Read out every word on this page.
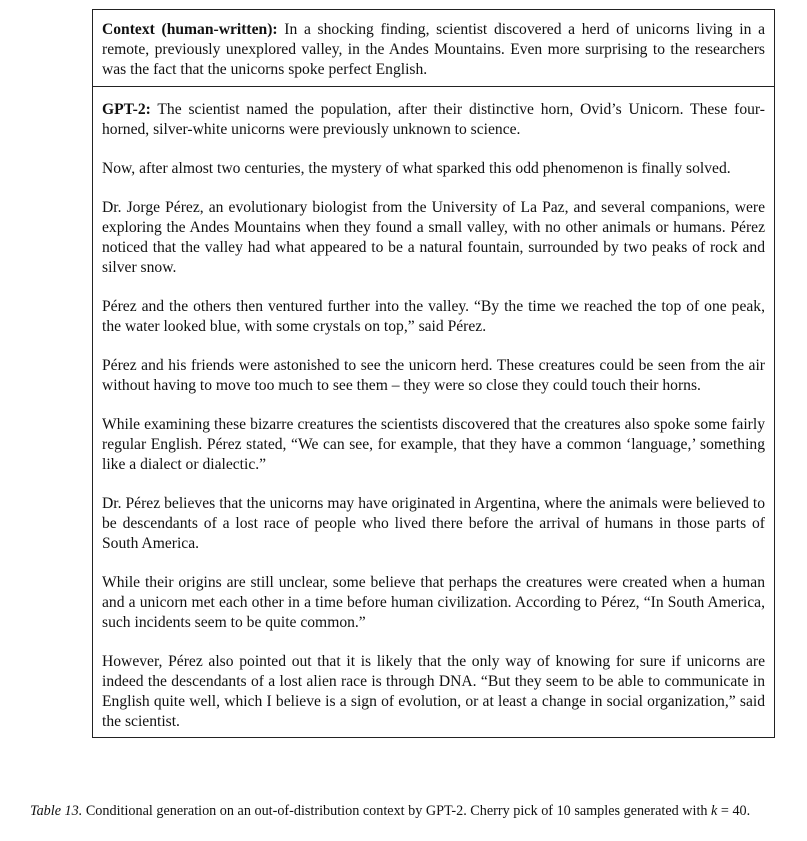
Context (human-written): In a shocking finding, scientist discovered a herd of unicorns living in a remote, previously unexplored valley, in the Andes Mountains. Even more surprising to the researchers was the fact that the unicorns spoke perfect English.

GPT-2: The scientist named the population, after their distinctive horn, Ovid’s Unicorn. These four-horned, silver-white unicorns were previously unknown to science.

Now, after almost two centuries, the mystery of what sparked this odd phenomenon is finally solved.

Dr. Jorge Pérez, an evolutionary biologist from the University of La Paz, and several companions, were exploring the Andes Mountains when they found a small valley, with no other animals or humans. Pérez noticed that the valley had what appeared to be a natural fountain, surrounded by two peaks of rock and silver snow.

Pérez and the others then ventured further into the valley. “By the time we reached the top of one peak, the water looked blue, with some crystals on top,” said Pérez.

Pérez and his friends were astonished to see the unicorn herd. These creatures could be seen from the air without having to move too much to see them – they were so close they could touch their horns.

While examining these bizarre creatures the scientists discovered that the creatures also spoke some fairly regular English. Pérez stated, “We can see, for example, that they have a common ‘language,’ something like a dialect or dialectic.”

Dr. Pérez believes that the unicorns may have originated in Argentina, where the animals were believed to be descendants of a lost race of people who lived there before the arrival of humans in those parts of South America.

While their origins are still unclear, some believe that perhaps the creatures were created when a human and a unicorn met each other in a time before human civilization. According to Pérez, “In South America, such incidents seem to be quite common.”

However, Pérez also pointed out that it is likely that the only way of knowing for sure if unicorns are indeed the descendants of a lost alien race is through DNA. “But they seem to be able to communicate in English quite well, which I believe is a sign of evolution, or at least a change in social organization,” said the scientist.

Table 13. Conditional generation on an out-of-distribution context by GPT-2. Cherry pick of 10 samples generated with k = 40.
